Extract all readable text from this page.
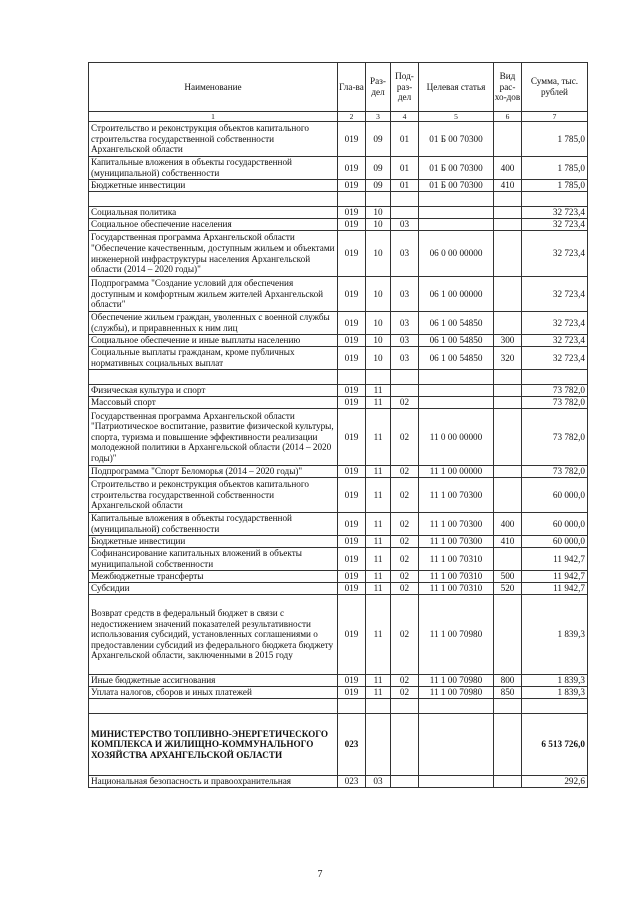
Наименование	Гла-ва	Раз-дел	Под-раз-дел	Целевая статья	Вид рас-хо-дов	Сумма, тыс. рублей
1	2	3	4	5	6	7
Строительство и реконструкция объектов капитального строительства государственной собственности Архангельской области	019	09	01	01 Б 00 70300		1 785,0
Капитальные вложения в объекты государственной (муниципальной) собственности	019	09	01	01 Б 00 70300	400	1 785,0
Бюджетные инвестиции	019	09	01	01 Б 00 70300	410	1 785,0

Социальная политика	019	10				32 723,4
Социальное обеспечение населения	019	10	03			32 723,4
Государственная программа Архангельской области "Обеспечение качественным, доступным жильем и объектами инженерной инфраструктуры населения Архангельской области (2014 – 2020 годы)"	019	10	03	06 0 00 00000		32 723,4
Подпрограмма "Создание условий для обеспечения доступным и комфортным жильем жителей Архангельской области"	019	10	03	06 1 00 00000		32 723,4
Обеспечение жильем граждан, уволенных с военной службы (службы), и приравненных к ним лиц	019	10	03	06 1 00 54850		32 723,4
Социальное обеспечение и иные выплаты населению	019	10	03	06 1 00 54850	300	32 723,4
Социальные выплаты гражданам, кроме публичных нормативных социальных выплат	019	10	03	06 1 00 54850	320	32 723,4

Физическая культура и спорт	019	11				73 782,0
Массовый спорт	019	11	02			73 782,0
Государственная программа Архангельской области "Патриотическое воспитание, развитие физической культуры, спорта, туризма и повышение эффективности реализации молодежной политики в Архангельской области (2014 – 2020 годы)"	019	11	02	11 0 00 00000		73 782,0
Подпрограмма "Спорт Беломорья (2014 – 2020 годы)"	019	11	02	11 1 00 00000		73 782,0
Строительство и реконструкция объектов капитального строительства государственной собственности Архангельской области	019	11	02	11 1 00 70300		60 000,0
Капитальные вложения в объекты государственной (муниципальной) собственности	019	11	02	11 1 00 70300	400	60 000,0
Бюджетные инвестиции	019	11	02	11 1 00 70300	410	60 000,0
Софинансирование капитальных вложений в объекты муниципальной собственности	019	11	02	11 1 00 70310		11 942,7
Межбюджетные трансферты	019	11	02	11 1 00 70310	500	11 942,7
Субсидии	019	11	02	11 1 00 70310	520	11 942,7
Возврат средств в федеральный бюджет в связи с недостижением значений показателей результативности использования субсидий, установленных соглашениями о предоставлении субсидий из федерального бюджета бюджету Архангельской области, заключенными в 2015 году	019	11	02	11 1 00 70980		1 839,3
Иные бюджетные ассигнования	019	11	02	11 1 00 70980	800	1 839,3
Уплата налогов, сборов и иных платежей	019	11	02	11 1 00 70980	850	1 839,3

МИНИСТЕРСТВО ТОПЛИВНО-ЭНЕРГЕТИЧЕСКОГО КОМПЛЕКСА И ЖИЛИЩНО-КОММУНАЛЬНОГО ХОЗЯЙСТВА АРХАНГЕЛЬСКОЙ ОБЛАСТИ	023					6 513 726,0
Национальная безопасность и правоохранительная	023	03				292,6
7
